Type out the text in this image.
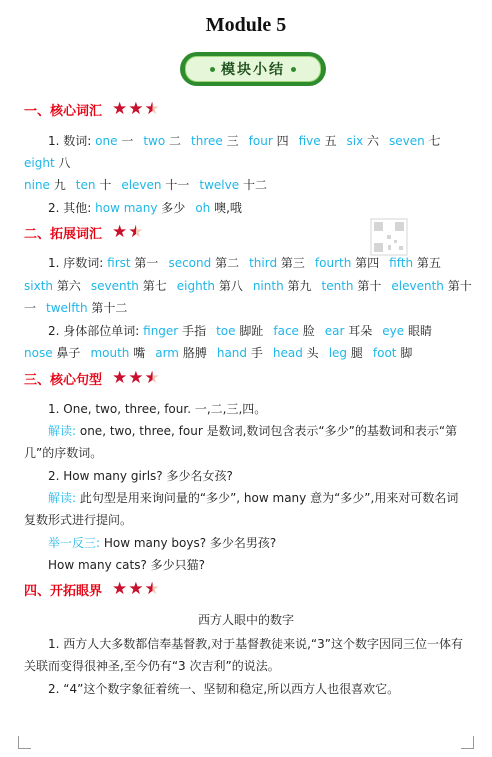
Module 5
模块小结
一、核心词汇 ★ ★ ★
1. 数词: one 一 two 二 three 三 four 四 five 五 six 六 seven 七
eight 八
nine 九 ten 十 eleven 十一 twelve 十二
2. 其他: how many 多少 oh 噢,哦
二、拓展词汇 ★ ★
1. 序数词: first 第一 second 第二 third 第三 fourth 第四 fifth 第五
sixth 第六 seventh 第七 eighth 第八 ninth 第九 tenth 第十 eleventh 第十
一 twelfth 第十二
2. 身体部位单词: finger 手指 toe 脚趾 face 脸 ear 耳朵 eye 眼睛
nose 鼻子 mouth 嘴 arm 胳膊 hand 手 head 头 leg 腿 foot 脚
三、核心句型 ★ ★ ★
1. One, two, three, four. 一,二,三,四。
解读: one, two, three, four 是数词,数词包含表示“多少”的基数词和表示“第几”的序数词。
2. How many girls? 多少名女孩?
解读: 此句型是用来询问量的“多少”, how many 意为“多少”,用来对可数名词复数形式进行提问。
举一反三: How many boys? 多少名男孩?
How many cats? 多少只猫?
四、开拓眼界 ★ ★ ★
西方人眼中的数字
1. 西方人大多数都信奉基督教,对于基督教徒来说,“3”这个数字因同三位一体有关联而变得很神圣,至今仍有“3 次吉利”的说法。
2. “4”这个数字象征着统一、坚韧和稳定,所以西方人也很喜欢它。
